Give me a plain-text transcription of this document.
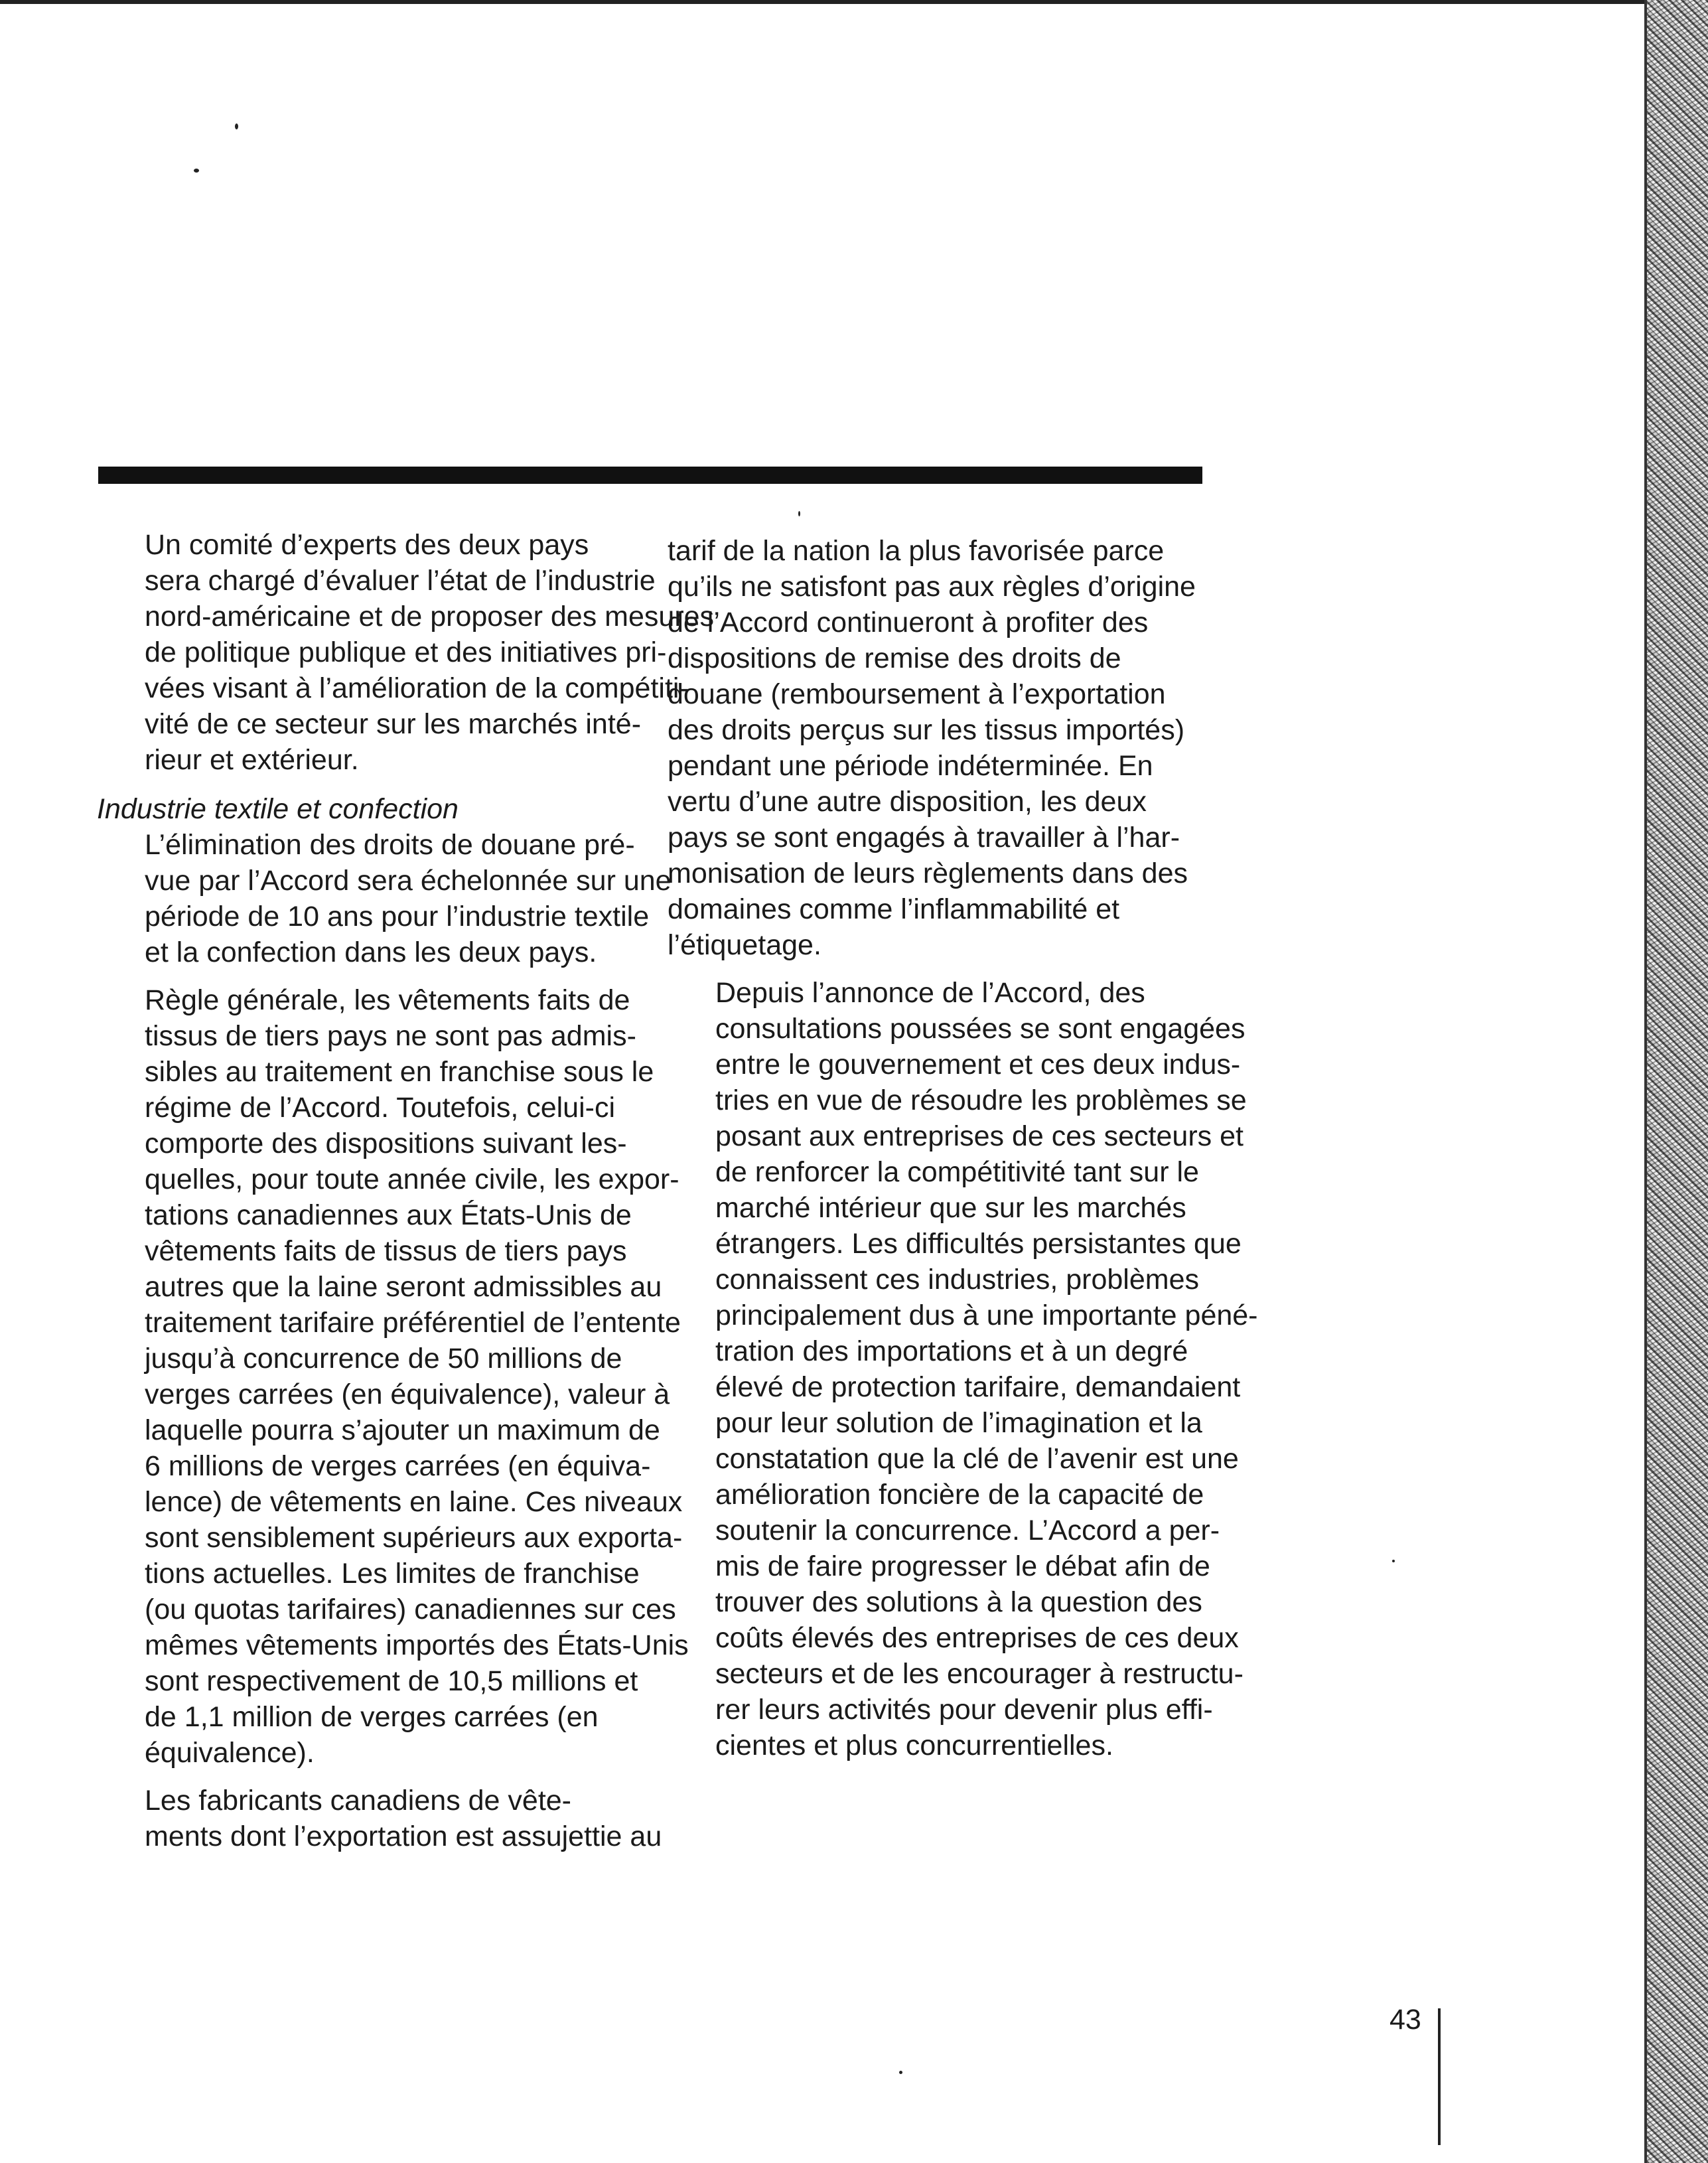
Un comité d’experts des deux pays
sera chargé d’évaluer l’état de l’industrie
nord-américaine et de proposer des mesures
de politique publique et des initiatives pri-
vées visant à l’amélioration de la compétiti-
vité de ce secteur sur les marchés inté-
rieur et extérieur.

Industrie textile et confection

L’élimination des droits de douane pré-
vue par l’Accord sera échelonnée sur une
période de 10 ans pour l’industrie textile
et la confection dans les deux pays.

Règle générale, les vêtements faits de
tissus de tiers pays ne sont pas admis-
sibles au traitement en franchise sous le
régime de l’Accord. Toutefois, celui-ci
comporte des dispositions suivant les-
quelles, pour toute année civile, les expor-
tations canadiennes aux États-Unis de
vêtements faits de tissus de tiers pays
autres que la laine seront admissibles au
traitement tarifaire préférentiel de l’entente
jusqu’à concurrence de 50 millions de
verges carrées (en équivalence), valeur à
laquelle pourra s’ajouter un maximum de
6 millions de verges carrées (en équiva-
lence) de vêtements en laine. Ces niveaux
sont sensiblement supérieurs aux exporta-
tions actuelles. Les limites de franchise
(ou quotas tarifaires) canadiennes sur ces
mêmes vêtements importés des États-Unis
sont respectivement de 10,5 millions et
de 1,1 million de verges carrées (en
équivalence).

Les fabricants canadiens de vête-
ments dont l’exportation est assujettie au

tarif de la nation la plus favorisée parce
qu’ils ne satisfont pas aux règles d’origine
de l’Accord continueront à profiter des
dispositions de remise des droits de
douane (remboursement à l’exportation
des droits perçus sur les tissus importés)
pendant une période indéterminée. En
vertu d’une autre disposition, les deux
pays se sont engagés à travailler à l’har-
monisation de leurs règlements dans des
domaines comme l’inflammabilité et
l’étiquetage.

Depuis l’annonce de l’Accord, des
consultations poussées se sont engagées
entre le gouvernement et ces deux indus-
tries en vue de résoudre les problèmes se
posant aux entreprises de ces secteurs et
de renforcer la compétitivité tant sur le
marché intérieur que sur les marchés
étrangers. Les difficultés persistantes que
connaissent ces industries, problèmes
principalement dus à une importante péné-
tration des importations et à un degré
élevé de protection tarifaire, demandaient
pour leur solution de l’imagination et la
constatation que la clé de l’avenir est une
amélioration foncière de la capacité de
soutenir la concurrence. L’Accord a per-
mis de faire progresser le débat afin de
trouver des solutions à la question des
coûts élevés des entreprises de ces deux
secteurs et de les encourager à restructu-
rer leurs activités pour devenir plus effi-
cientes et plus concurrentielles.

43
